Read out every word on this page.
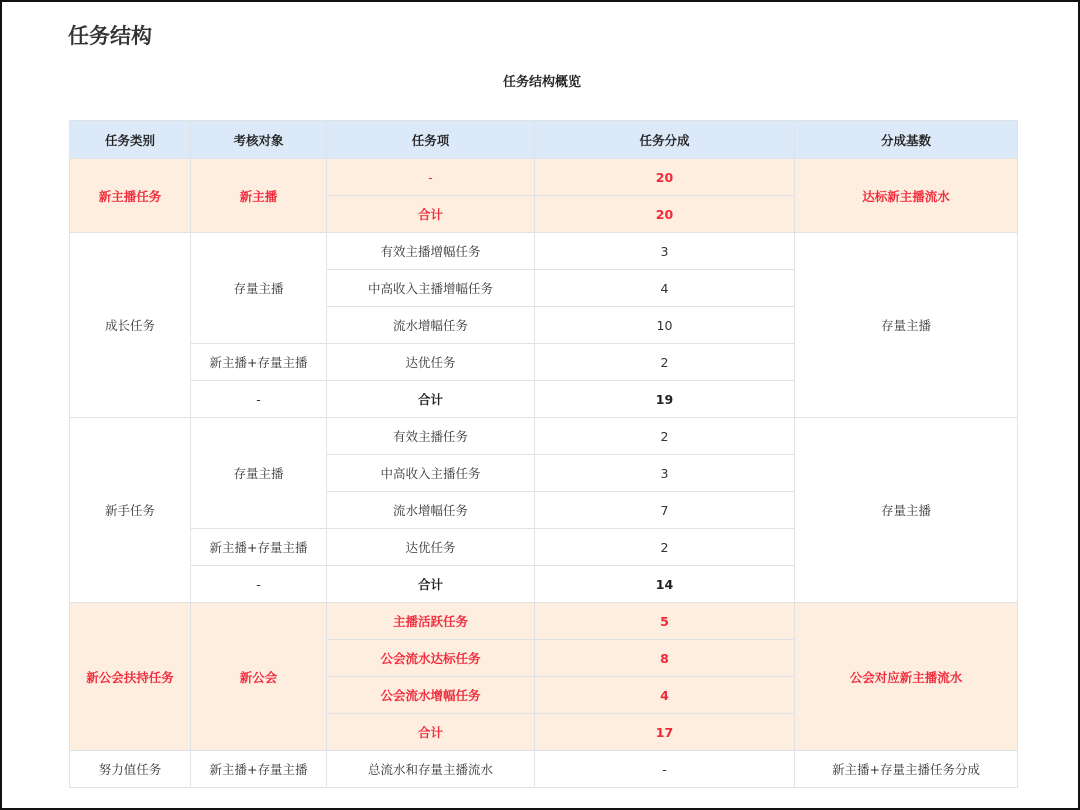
任务结构
任务结构概览
任务类别	考核对象	任务项	任务分成	分成基数
新主播任务	新主播	-	20	达标新主播流水
		合计	20	
成长任务	存量主播	有效主播增幅任务	3	存量主播
		中高收入主播增幅任务	4	
		流水增幅任务	10	
	新主播+存量主播	达优任务	2	
	-	合计	19	
新手任务	存量主播	有效主播任务	2	存量主播
		中高收入主播任务	3	
		流水增幅任务	7	
	新主播+存量主播	达优任务	2	
	-	合计	14	
新公会扶持任务	新公会	主播活跃任务	5	公会对应新主播流水
		公会流水达标任务	8	
		公会流水增幅任务	4	
		合计	17	
努力值任务	新主播+存量主播	总流水和存量主播流水	-	新主播+存量主播任务分成
